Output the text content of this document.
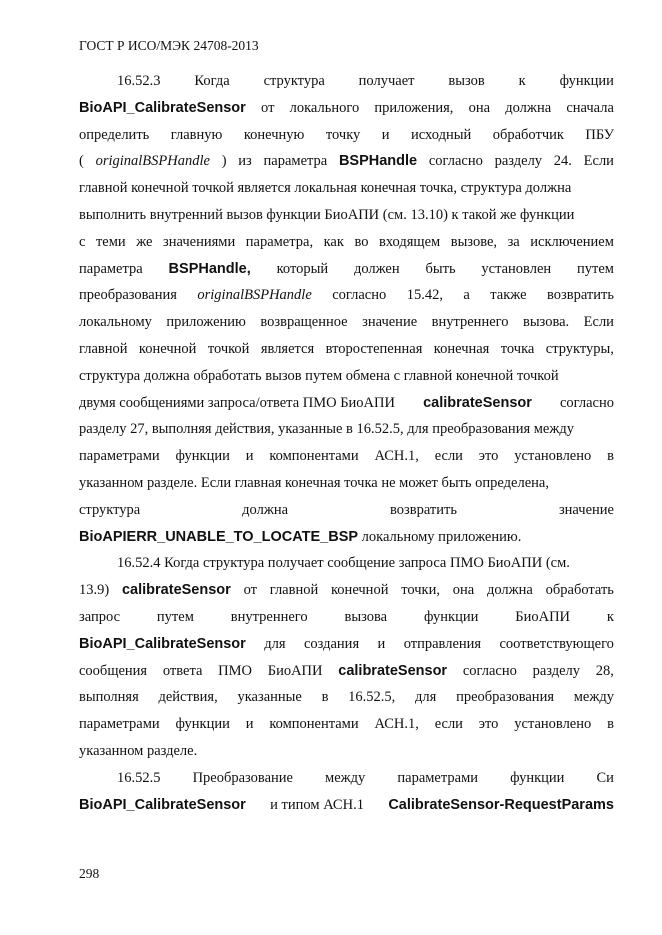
ГОСТ Р ИСО/МЭК 24708-2013
16.52.3 Когда структура получает вызов к функции
BioAPI_CalibrateSensor от локального приложения, она должна сначала
определить главную конечную точку и исходный обработчик ПБУ
( originalBSPHandle ) из параметра BSPHandle согласно разделу 24. Если
главной конечной точкой является локальная конечная точка, структура должна
выполнить внутренний вызов функции БиоАПИ (см. 13.10) к такой же функции
с теми же значениями параметра, как во входящем вызове, за исключением
параметра BSPHandle, который должен быть установлен путем
преобразования originalBSPHandle согласно 15.42, а также возвратить
локальному приложению возвращенное значение внутреннего вызова. Если
главной конечной точкой является второстепенная конечная точка структуры,
структура должна обработать вызов путем обмена с главной конечной точкой
двумя сообщениями запроса/ответа ПМО БиоАПИ calibrateSensor согласно
разделу 27, выполняя действия, указанные в 16.52.5, для преобразования между
параметрами функции и компонентами АСН.1, если это установлено в
указанном разделе. Если главная конечная точка не может быть определена,
структура	должна	возвратить	значение
BioAPIERR_UNABLE_TO_LOCATE_BSP локальному приложению.
16.52.4 Когда структура получает сообщение запроса ПМО БиоАПИ (см.
13.9) calibrateSensor от главной конечной точки, она должна обработать
запрос	путем	внутреннего	вызова	функции	БиоАПИ	к
BioAPI_CalibrateSensor для создания и отправления соответствующего
сообщения ответа ПМО БиоАПИ calibrateSensor согласно разделу 28,
выполняя действия, указанные в 16.52.5, для преобразования между
параметрами функции и компонентами АСН.1, если это установлено в
указанном разделе.
16.52.5 Преобразование между параметрами функции Си
BioAPI_CalibrateSensor и типом АСН.1 CalibrateSensor-RequestParams
298
